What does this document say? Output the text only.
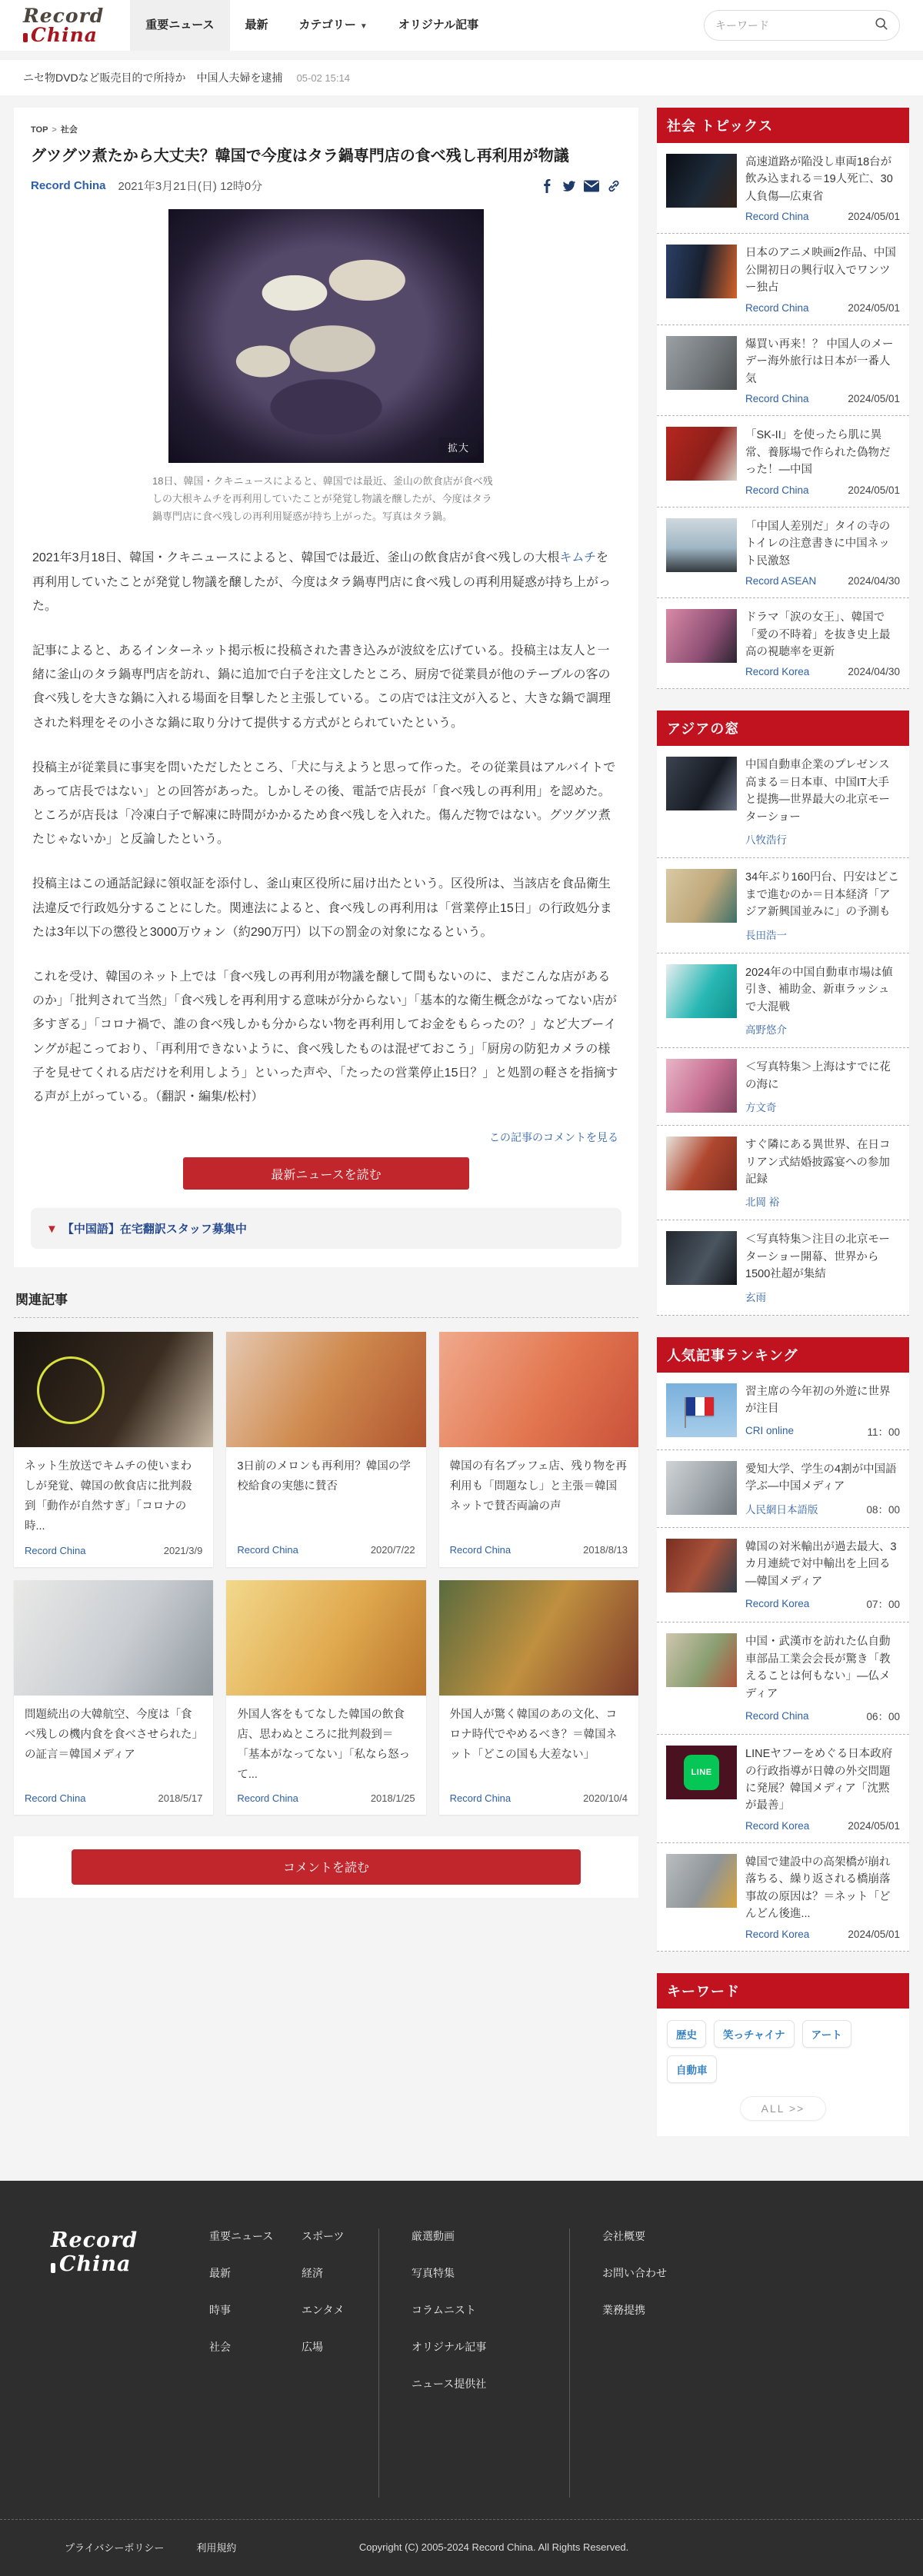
Record
China	重要ニュース	最新	カテゴリー ▼	オリジナル記事
キーワード
ニセ物DVDなど販売目的で所持か　中国人夫婦を逮捕 05-02 15:14
TOP > 社会
グツグツ煮たから大丈夫？韓国で今度はタラ鍋専門店の食べ残し再利用が物議
Record China 2021年3月21日(日) 12時0分
拡大
18日、韓国・クキニュースによると、韓国では最近、釜山の飲食店が食べ残しの大根キムチを再利用していたことが発覚し物議を醸したが、今度はタラ鍋専門店に食べ残しの再利用疑惑が持ち上がった。写真はタラ鍋。

2021年3月18日、韓国・クキニュースによると、韓国では最近、釜山の飲食店が食べ残しの大根キムチを再利用していたことが発覚し物議を醸したが、今度はタラ鍋専門店に食べ残しの再利用疑惑が持ち上がった。

記事によると、あるインターネット掲示板に投稿された書き込みが波紋を広げている。投稿主は友人と一緒に釜山のタラ鍋専門店を訪れ、鍋に追加で白子を注文したところ、厨房で従業員が他のテーブルの客の食べ残しを大きな鍋に入れる場面を目撃したと主張している。この店では注文が入ると、大きな鍋で調理された料理をその小さな鍋に取り分けて提供する方式がとられていたという。

投稿主が従業員に事実を問いただしたところ、「犬に与えようと思って作った。その従業員はアルバイトであって店長ではない」との回答があった。しかしその後、電話で店長が「食べ残しの再利用」を認めた。ところが店長は「冷凍白子で解凍に時間がかかるため食べ残しを入れた。傷んだ物ではない。グツグツ煮たじゃないか」と反論したという。

投稿主はこの通話記録に領収証を添付し、釜山東区役所に届け出たという。区役所は、当該店を食品衛生法違反で行政処分することにした。関連法によると、食べ残しの再利用は「営業停止15日」の行政処分または3年以下の懲役と3000万ウォン（約290万円）以下の罰金の対象になるという。

これを受け、韓国のネット上では「食べ残しの再利用が物議を醸して間もないのに、まだこんな店があるのか」「批判されて当然」「食べ残しを再利用する意味が分からない」「基本的な衛生概念がなってない店が多すぎる」「コロナ禍で、誰の食べ残しかも分からない物を再利用してお金をもらったの？」など大ブーイングが起こっており、「再利用できないように、食べ残したものは混ぜておこう」「厨房の防犯カメラの様子を見せてくれる店だけを利用しよう」といった声や、「たったの営業停止15日？」と処罰の軽さを指摘する声が上がっている。（翻訳・編集/松村）

この記事のコメントを見る
最新ニュースを読む
▼ 【中国語】在宅翻訳スタッフ募集中
関連記事
ネット生放送でキムチの使いまわしが発覚、韓国の飲食店に批判殺到「動作が自然すぎ」「コロナの時...
Record China	2021/3/9
3日前のメロンも再利用？韓国の学校給食の実態に賛否
Record China	2020/7/22
韓国の有名ブッフェ店、残り物を再利用も「問題なし」と主張＝韓国ネットで賛否両論の声
Record China	2018/8/13
問題続出の大韓航空、今度は「食べ残しの機内食を食べさせられた」の証言＝韓国メディア
Record China	2018/5/17
外国人客をもてなした韓国の飲食店、思わぬところに批判殺到＝「基本がなってない」「私なら怒って...
Record China	2018/1/25
外国人が驚く韓国のあの文化、コロナ時代でやめるべき？＝韓国ネット「どこの国も大差ない」
Record China	2020/10/4
コメントを読む
社会 トピックス
高速道路が陥没し車両18台が飲み込まれる＝19人死亡、30人負傷―広東省
Record China	2024/05/01
日本のアニメ映画2作品、中国公開初日の興行収入でワンツー独占
Record China	2024/05/01
爆買い再来！？ 中国人のメーデー海外旅行は日本が一番人気
Record China	2024/05/01
「SK-II」を使ったら肌に異常、養豚場で作られた偽物だった！―中国
Record China	2024/05/01
「中国人差別だ」タイの寺のトイレの注意書きに中国ネット民激怒
Record ASEAN	2024/04/30
ドラマ「涙の女王」、韓国で「愛の不時着」を抜き史上最高の視聴率を更新
Record Korea	2024/04/30
アジアの窓
中国自動車企業のプレゼンス高まる＝日本車、中国IT大手と提携―世界最大の北京モーターショー
八牧浩行
34年ぶり160円台、円安はどこまで進むのか＝日本経済「アジア新興国並みに」の予測も
長田浩一
2024年の中国自動車市場は値引き、補助金、新車ラッシュで大混戦
高野悠介
＜写真特集＞上海はすでに花の海に
方文奇
すぐ隣にある異世界、在日コリアン式結婚披露宴への参加記録
北岡 裕
＜写真特集＞注目の北京モーターショー開幕、世界から1500社超が集結
玄雨
人気記事ランキング
習主席の今年初の外遊に世界が注目
CRI online	11：00
愛知大学、学生の4割が中国語学ぶ―中国メディア
人民網日本語版	08：00
韓国の対米輸出が過去最大、3カ月連続で対中輸出を上回る―韓国メディア
Record Korea	07：00
中国・武漢市を訪れた仏自動車部品工業会会長が驚き「教えることは何もない」―仏メディア
Record China	06：00
LINE
LINEヤフーをめぐる日本政府の行政指導が日韓の外交問題に発展？韓国メディア「沈黙が最善」
Record Korea	2024/05/01
韓国で建設中の高架橋が崩れ落ちる、繰り返される橋崩落事故の原因は？＝ネット「どんどん後進...
Record Korea	2024/05/01
キーワード
歴史	笑っチャイナ	アート
自動車
ALL >>
Record
China
重要ニュース
最新
時事
社会
スポーツ
経済
エンタメ
広場
厳選動画
写真特集
コラムニスト
オリジナル記事
ニュース提供社
会社概要
お問い合わせ
業務提携
プライバシーポリシー	利用規約	Copyright (C) 2005-2024 Record China. All Rights Reserved.
